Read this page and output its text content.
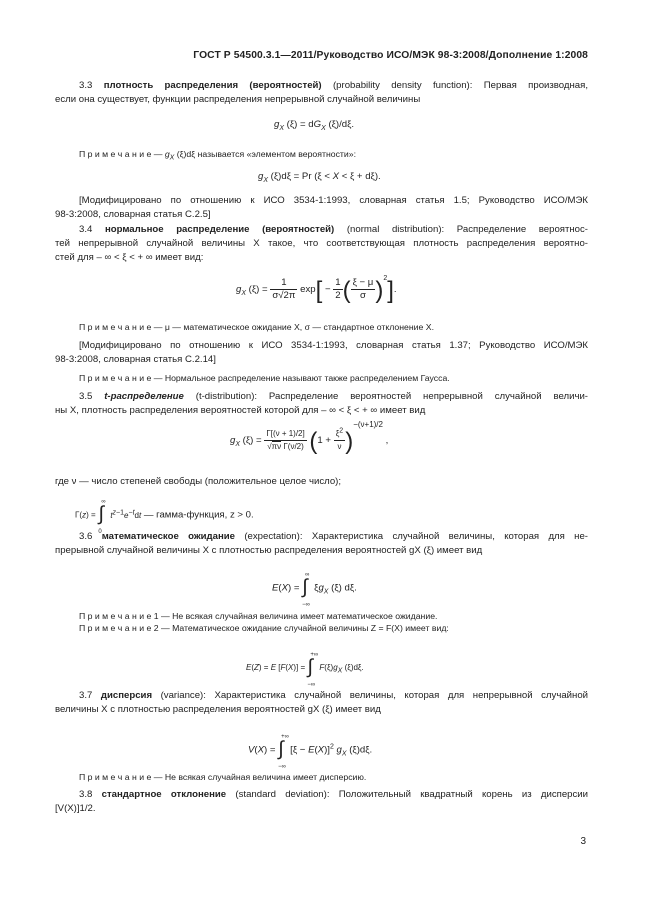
ГОСТ Р 54500.3.1—2011/Руководство ИСО/МЭК 98-3:2008/Дополнение 1:2008
3.3 плотность распределения (вероятностей) (probability density function): Первая производная,
если она существует, функции распределения непрерывной случайной величины
$g_X$ $(\xi) = dG_X$ (ξ)/dξ.
П р и м е ч а н и е — $g_X$ (ξ)dξ называется «элементом вероятности»:
$g_X$ (ξ)dξ = Pr (ξ < X < ξ + dξ).
[Модифицировано по отношению к ИСО 3534-1:1993, словарная статья 1.5; Руководство ИСО/МЭК
98-3:2008, словарная статья С.2.5]
3.4 нормальное распределение (вероятностей) (normal distribution): Распределение вероятнос-
тей непрерывной случайной величины X такое, что соответствующая плотность распределения вероятно-
стей для – ∞ < ξ < + ∞ имеет вид:
$g_X$ $(\xi) = \frac{1}{\sigma√2\pi} \exp[ - \frac{1}{2}$ ( $\frac{\xi - \mu}{\sigma} )^2$].
П р и м е ч а н и е — μ — математическое ожидание X, σ — стандартное отклонение X.
[Модифицировано по отношению к ИСО 3534-1:1993, словарная статья 1.37; Руководство ИСО/МЭК
98-3:2008, словарная статья С.2.14]
П р и м е ч а н и е — Нормальное распределение называют также распределением Гаусса.
3.5 t-распределение (t-distribution): Распределение вероятностей непрерывной случайной величи-
ны X, плотность распределения вероятностей которой для – ∞ < ξ < + ∞ имеет вид
$g_X$ $(\xi) = \frac{\Gamma[(\nu + 1)/2]}{\text{√πν Γ(ν/2)}} (1 + \frac{\xi^2}{\nu} )^{-(\nu+1)/2}$ ,
где ν — число степеней свободы (положительное целое число);
Γ(z) =
∞
∫
0
$t^{z-1}e^{-t}dt$ — гамма-функция, z > 0.
3.6 математическое ожидание (expectation): Характеристика случайной величины, которая для не-
прерывной случайной величины X с плотностью распределения вероятностей gX (ξ) имеет вид
E(X) =
∞
∫
−∞
$\xi g_X$ (ξ) dξ.
П р и м е ч а н и е 1 — Не всякая случайная величина имеет математическое ожидание.
П р и м е ч а н и е 2 — Математическое ожидание случайной величины Z = F(X) имеет вид:
E(Z) = E [F(X)] =
+∞
∫
−∞
$F(\xi)g_X$ (ξ)dξ.
3.7 дисперсия (variance): Характеристика случайной величины, которая для непрерывной случайной
величины X с плотностью распределения вероятностей gX (ξ) имеет вид
V(X) =
+∞
∫
−∞
$[\xi - E(X)]^2$ $g_X$ (ξ)dξ.
П р и м е ч а н и е — Не всякая случайная величина имеет дисперсию.
3.8 стандартное отклонение (standard deviation): Положительный квадратный корень из дисперсии
[V(X)]1/2.
3
